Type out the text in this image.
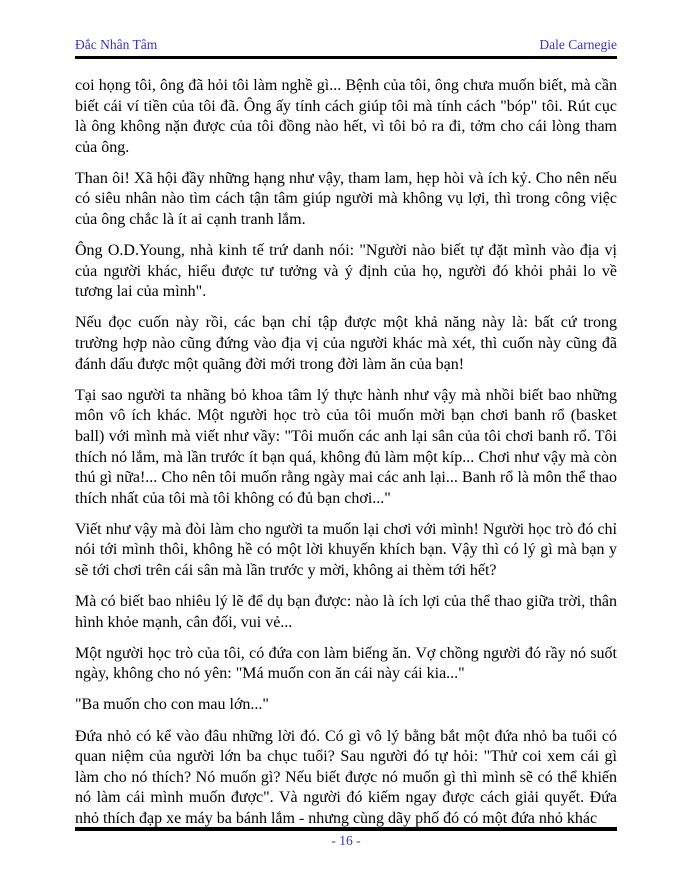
Đắc Nhân Tâm	Dale Carnegie

coi họng tôi, ông đã hỏi tôi làm nghề gì... Bệnh của tôi, ông chưa muốn biết, mà cần biết cái ví tiền của tôi đã. Ông ấy tính cách giúp tôi mà tính cách "bóp" tôi. Rút cục là ông không nặn được của tôi đồng nào hết, vì tôi bỏ ra đi, tởm cho cái lòng tham của ông.

Than ôi! Xã hội đầy những hạng như vậy, tham lam, hẹp hòi và ích kỷ. Cho nên nếu có siêu nhân nào tìm cách tận tâm giúp người mà không vụ lợi, thì trong công việc của ông chắc là ít ai cạnh tranh lắm.

Ông O.D.Young, nhà kinh tế trứ danh nói: "Người nào biết tự đặt mình vào địa vị của người khác, hiểu được tư tưởng và ý định của họ, người đó khỏi phải lo về tương lai của mình".

Nếu đọc cuốn này rồi, các bạn chỉ tập được một khả năng này là: bất cứ trong trường hợp nào cũng đứng vào địa vị của người khác mà xét, thì cuốn này cũng đã đánh dấu được một quãng đời mới trong đời làm ăn của bạn!

Tại sao người ta nhãng bỏ khoa tâm lý thực hành như vậy mà nhồi biết bao những môn vô ích khác. Một người học trò của tôi muốn mời bạn chơi banh rổ (basket ball) với mình mà viết như vầy: "Tôi muốn các anh lại sân của tôi chơi banh rổ. Tôi thích nó lắm, mà lần trước ít bạn quá, không đủ làm một kíp... Chơi như vậy mà còn thú gì nữa!... Cho nên tôi muốn rằng ngày mai các anh lại... Banh rổ là môn thể thao thích nhất của tôi mà tôi không có đủ bạn chơi..."

Viết như vậy mà đòi làm cho người ta muốn lại chơi với mình! Người học trò đó chỉ nói tới mình thôi, không hề có một lời khuyến khích bạn. Vậy thì có lý gì mà bạn y sẽ tới chơi trên cái sân mà lần trước y mời, không ai thèm tới hết?

Mà có biết bao nhiêu lý lẽ để dụ bạn được: nào là ích lợi của thể thao giữa trời, thân hình khỏe mạnh, cân đối, vui vẻ...

Một người học trò của tôi, có đứa con làm biếng ăn. Vợ chồng người đó rầy nó suốt ngày, không cho nó yên: "Má muốn con ăn cái này cái kia..."

"Ba muốn cho con mau lớn..."

Đứa nhỏ có kể vào đâu những lời đó. Có gì vô lý bằng bắt một đứa nhỏ ba tuổi có quan niệm của người lớn ba chục tuổi? Sau người đó tự hỏi: "Thử coi xem cái gì làm cho nó thích? Nó muốn gì? Nếu biết được nó muốn gì thì mình sẽ có thể khiến nó làm cái mình muốn được". Và người đó kiếm ngay được cách giải quyết. Đứa nhỏ thích đạp xe máy ba bánh lắm - nhưng cùng dãy phố đó có một đứa nhỏ khác

- 16 -
